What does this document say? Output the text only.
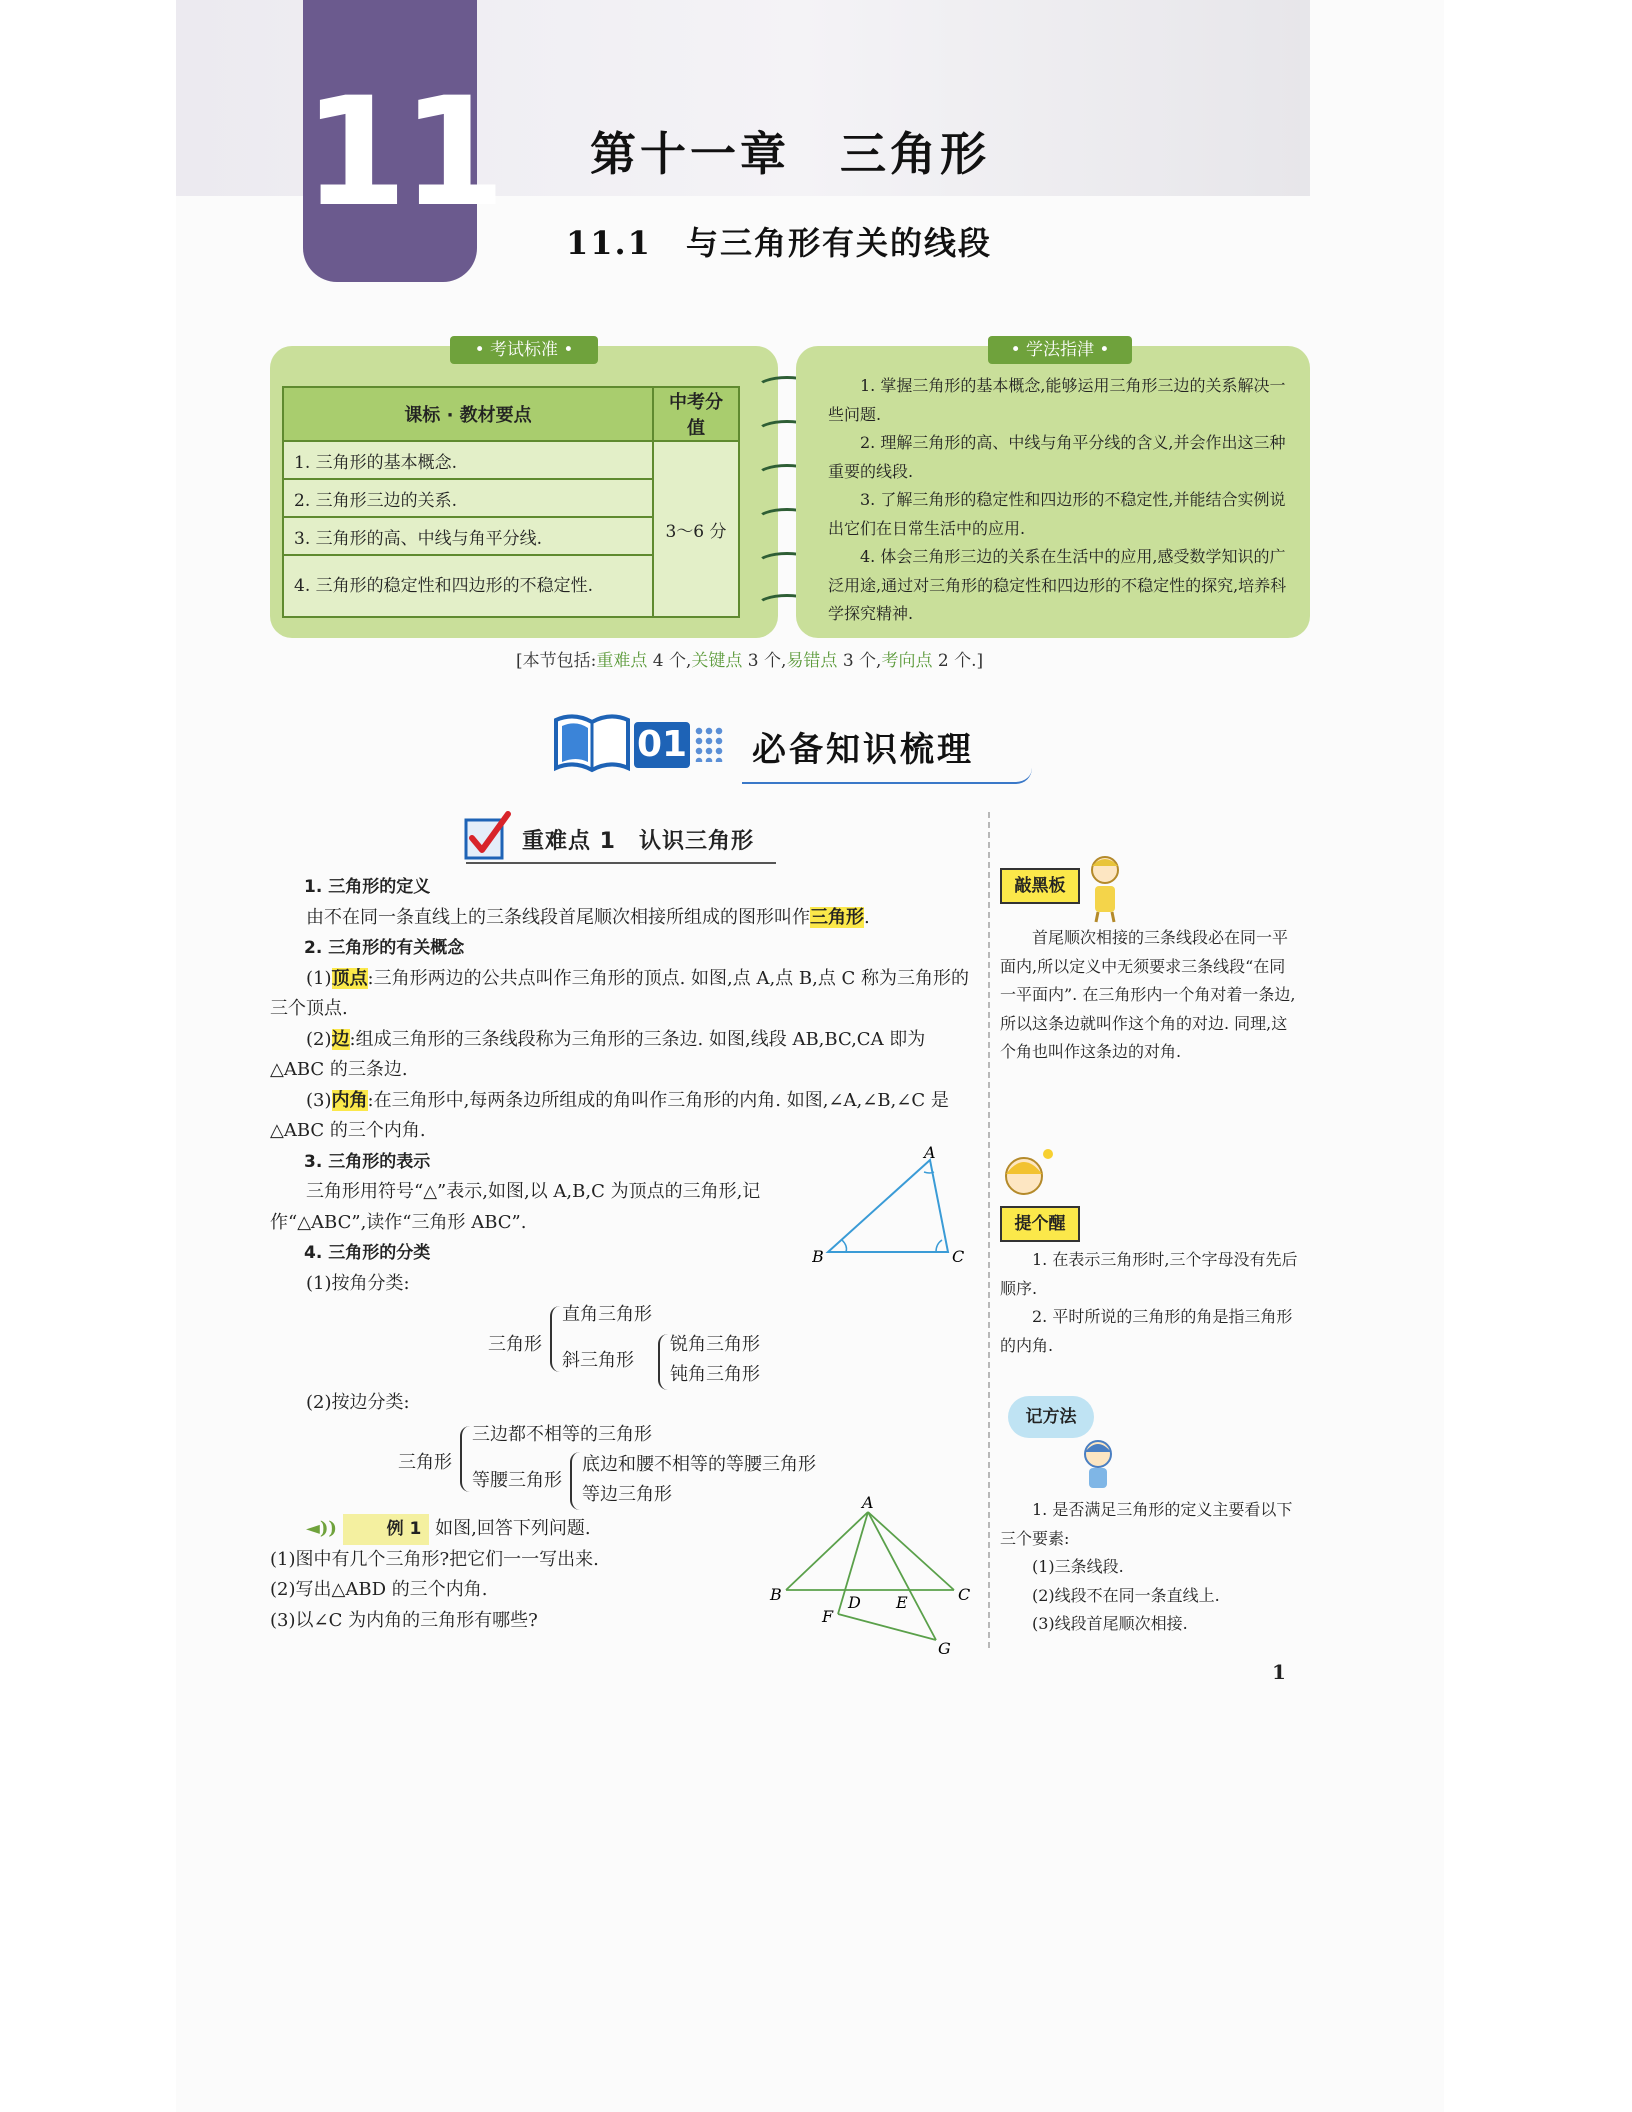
11 第十一章　三角形
11.1　与三角形有关的线段
• 考试标准 •
课标 · 教材要点	中考分值
1. 三角形的基本概念.	3～6 分
2. 三角形三边的关系.	
3. 三角形的高、中线与角平分线.	
4. 三角形的稳定性和四边形的不稳定性.	
• 学法指津 •

1. 掌握三角形的基本概念,能够运用三角形三边的关系解决一些问题.

2. 理解三角形的高、中线与角平分线的含义,并会作出这三种重要的线段.

3. 了解三角形的稳定性和四边形的不稳定性,并能结合实例说出它们在日常生活中的应用.

4. 体会三角形三边的关系在生活中的应用,感受数学知识的广泛用途,通过对三角形的稳定性和四边形的不稳定性的探究,培养科学探究精神.

[本节包括:重难点 4 个,关键点 3 个,易错点 3 个,考向点 2 个.]
01 必备知识梳理
重难点 1　认识三角形
1. 三角形的定义

由不在同一条直线上的三条线段首尾顺次相接所组成的图形叫作三角形.

2. 三角形的有关概念

(1)顶点:三角形两边的公共点叫作三角形的顶点. 如图,点 A,点 B,点 C 称为三角形的三个顶点.

(2)边:组成三角形的三条线段称为三角形的三条边. 如图,线段 AB,BC,CA 即为△ABC 的三条边.

(3)内角:在三角形中,每两条边所组成的角叫作三角形的内角. 如图,∠A,∠B,∠C 是△ABC 的三个内角.

3. 三角形的表示

三角形用符号“△”表示,如图,以 A,B,C 为顶点的三角形,记作“△ABC”,读作“三角形 ABC”.

4. 三角形的分类

(1)按角分类:

A
B	C
三角形
直角三角形
斜三角形
锐角三角形
钝角三角形

(2)按边分类:

三角形
三边都不相等的三角形
等腰三角形
底边和腰不相等的等腰三角形
等边三角形

◄))	例 1 如图,回答下列问题.

(1)图中有几个三角形?把它们一一写出来.

(2)写出△ABD 的三个内角.

(3)以∠C 为内角的三角形有哪些?

A
B	C
D E
F
G
敲黑板

首尾顺次相接的三条线段必在同一平面内,所以定义中无须要求三条线段“在同一平面内”. 在三角形内一个角对着一条边,所以这条边就叫作这个角的对边. 同理,这个角也叫作这条边的对角.

提个醒

1. 在表示三角形时,三个字母没有先后顺序.

2. 平时所说的三角形的角是指三角形的内角.

记方法

1. 是否满足三角形的定义主要看以下三个要素:

(1)三条线段.

(2)线段不在同一条直线上.

(3)线段首尾顺次相接.

1
